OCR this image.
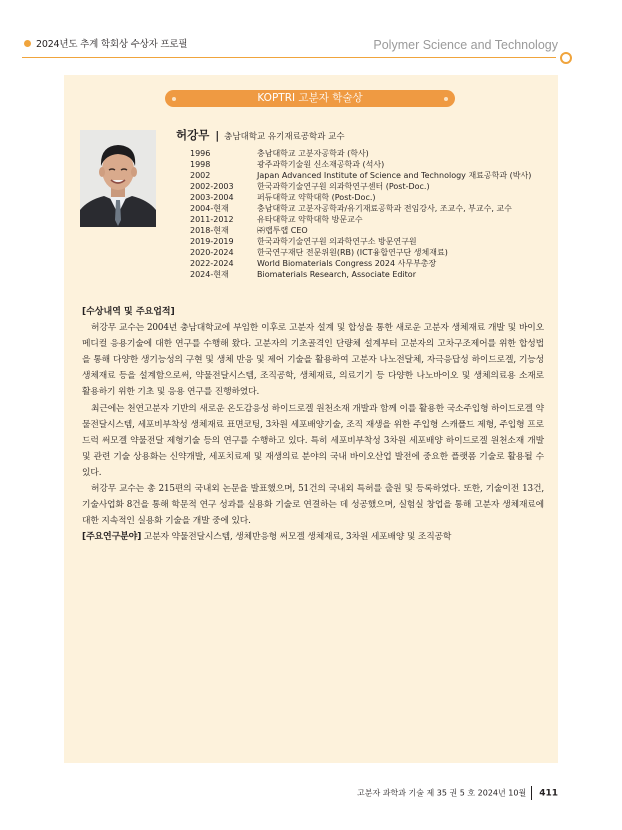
2024년도 추계 학회상 수상자 프로필	Polymer Science and Technology
KOPTRI 고분자 학술상
허강무 | 충남대학교 유기재료공학과 교수
1996	충남대학교 고분자공학과 (학사)
1998	광주과학기술원 신소재공학과 (석사)
2002	Japan Advanced Institute of Science and Technology 재료공학과 (박사)
2002-2003	한국과학기술연구원 의과학연구센터 (Post-Doc.)
2003-2004	퍼듀대학교 약학대학 (Post-Doc.)
2004-현재	충남대학교 고분자공학과/유기재료공학과 전임강사, 조교수, 부교수, 교수
2011-2012	유타대학교 약학대학 방문교수
2018-현재	㈜랩투랩 CEO
2019-2019	한국과학기술연구원 의과학연구소 방문연구원
2020-2024	한국연구재단 전문위원(RB) (ICT융합연구단 생체재료)
2022-2024	World Biomaterials Congress 2024 사무부총장
2024-현재	Biomaterials Research, Associate Editor
[수상내역 및 주요업적]

허강무 교수는 2004년 충남대학교에 부임한 이후로 고분자 설계 및 합성을 통한 새로운 고분자 생체재료 개발 및 바이오메디컬 응용기술에 대한 연구를 수행해 왔다. 고분자의 기초골격인 단량체 설계부터 고분자의 고차구조제어를 위한 합성법을 통해 다양한 생기능성의 구현 및 생체 반응 및 제어 기술을 활용하여 고분자 나노전달체, 자극응답성 하이드로겔, 기능성 생체재료 등을 설계함으로써, 약물전달시스템, 조직공학, 생체재료, 의료기기 등 다양한 나노바이오 및 생체의료용 소재로 활용하기 위한 기초 및 응용 연구를 진행하였다.

최근에는 천연고분자 기반의 새로운 온도감응성 하이드로겔 원천소재 개발과 함께 이를 활용한 국소주입형 하이드로겔 약물전달시스템, 세포비부착성 생체재료 표면코팅, 3차원 세포배양기술, 조직 재생을 위한 주입형 스캐폴드 제형, 주입형 프로드럭 써모겔 약물전달 제형기술 등의 연구를 수행하고 있다. 특히 세포비부착성 3차원 세포배양 하이드로겔 원천소재 개발 및 관련 기술 상용화는 신약개발, 세포치료제 및 재생의료 분야의 국내 바이오산업 발전에 중요한 플랫폼 기술로 활용될 수 있다.

허강무 교수는 총 215편의 국내외 논문을 발표했으며, 51건의 국내외 특허를 출원 및 등록하였다. 또한, 기술이전 13건, 기술사업화 8건을 통해 학문적 연구 성과를 실용화 기술로 연결하는 데 성공했으며, 실험실 창업을 통해 고분자 생체재료에 대한 지속적인 실용화 기술을 개발 중에 있다.

[주요연구분야] 고분자 약물전달시스템, 생체반응형 써모겔 생체재료, 3차원 세포배양 및 조직공학
고분자 과학과 기술 제 35 권 5 호 2024년 10월 411
